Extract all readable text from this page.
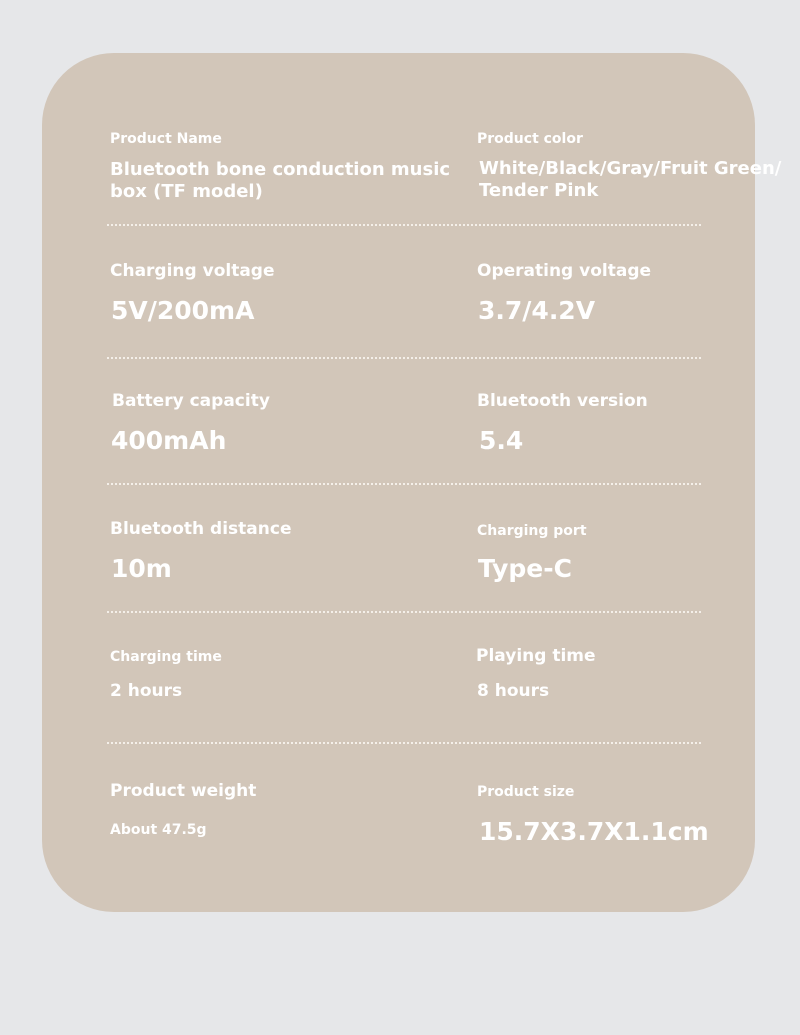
Product Name
Bluetooth bone conduction music
box (TF model)
Product color
White/Black/Gray/Fruit Green/
Tender Pink
Charging voltage
5V/200mA
Operating voltage
3.7/4.2V
Battery capacity
400mAh
Bluetooth version
5.4
Bluetooth distance
10m
Charging port
Type-C
Charging time
2 hours
Playing time
8 hours
Product weight
About 47.5g
Product size
15.7X3.7X1.1cm
